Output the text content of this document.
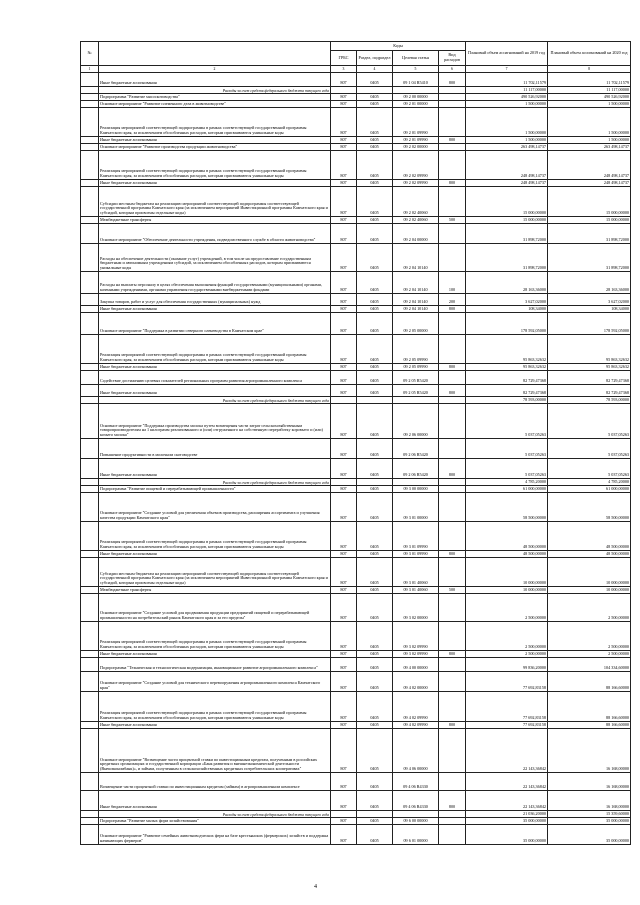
№		Коды				Плановый объем ассигнований на 2019 год	Плановый объем ассигнований на 2020 год
		ГРБС	Раздел, подраздел	Целевая статья	Вид расходов		
1	2	3	4	5	6	7	8
	Иные бюджетные ассигнования	807	0405	09 1 04 R5410	800	11 702,11579	11 702,11579
	Расходы за счет средств федерального бюджета текущего года					11 117,00000	11 117,00000
	Подпрограмма "Развитие мясоскотоводства"	807	0405	09 2 00 00000		490 526,92000	490 526,92000
	Основное мероприятие "Развитие племенного дела в животноводстве"	807	0405	09 2 01 00000		1 500,00000	1 500,00000
	Реализация мероприятий соответствующей подпрограммы в рамках соответствующей государственной программы Камчатского края, за исключением обособленных расходов, которым присваиваются уникальные коды	807	0405	09 2 01 09990		1 500,00000	1 500,00000
	Иные бюджетные ассигнования	807	0405	09 2 01 09990	800	1 500,00000	1 500,00000
	Основное мероприятие "Развитие производства продукции животноводства"	807	0405	09 2 02 00000		263 498,14737	263 498,14737
	Реализация мероприятий соответствующей подпрограммы в рамках соответствующей государственной программы Камчатского края, за исключением обособленных расходов, которым присваиваются уникальные коды	807	0405	09 2 02 09990		248 498,14737	248 498,14737
	Иные бюджетные ассигнования	807	0405	09 2 02 09990	800	248 498,14737	248 498,14737
	Субсидии местным бюджетам на реализацию мероприятий соответствующей подпрограммы соответствующей государственной программы Камчатского края (за исключением мероприятий Инвестиционной программы Камчатского края и субсидий, которым присвоены отдельные коды)	807	0405	09 2 02 40060		15 000,00000	15 000,00000
	Межбюджетные трансферты	807	0405	09 2 02 40060	500	15 000,00000	15 000,00000
	Основное мероприятие "Обеспечение деятельности учреждения, подведомственного службе в области животноводства"	807	0405	09 2 04 00000		31 898,72000	31 898,72000
	Расходы на обеспечение деятельности (оказание услуг) учреждений, в том числе на предоставление государственным бюджетным и автономным учреждениям субсидий, за исключением обособленных расходов, которым присваиваются уникальные коды	807	0405	09 2 04 10140		31 898,72000	31 898,72000
	Расходы на выплаты персоналу в целях обеспечения выполнения функций государственными (муниципальными) органами, казенными учреждениями, органами управления государственными внебюджетными фондами	807	0405	09 2 04 10140	100	28 163,36000	28 163,36000
	Закупка товаров, работ и услуг для обеспечения государственных (муниципальных) нужд	807	0405	09 2 04 10140	200	3 627,02000	3 627,02000
	Иные бюджетные ассигнования	807	0405	09 2 04 10140	800	108,34000	108,34000
	Основное мероприятие "Поддержка в развитии северного оленеводства в Камчатском крае"	807	0405	09 2 05 00000		178 592,05000	178 592,05000
	Реализация мероприятий соответствующей подпрограммы в рамках соответствующей государственной программы Камчатского края, за исключением обособленных расходов, которым присваиваются уникальные коды	807	0405	09 2 05 09990		95 863,32632	95 863,32632
	Иные бюджетные ассигнования	807	0405	09 2 05 09990	800	95 863,32632	95 863,32632
	Содействие достижению целевых показателей региональных программ развития агропромышленного комплекса	807	0405	09 2 05 R5420		82 729,47368	82 729,47368
	Иные бюджетные ассигнования	807	0405	09 2 05 R5420	800	82 729,47368	82 729,47368
	Расходы за счет средств федерального бюджета текущего года					78 593,00000	78 593,00000
	Основное мероприятие "Поддержка производства молока путем возмещения части затрат сельскохозяйственным товаропроизводителям на 1 килограмм реализованного и (или) отгруженного на собственную переработку коровьего и (или) козьего молока"	807	0405	09 2 06 00000		5 037,05263	5 037,05263
	Повышение продуктивности в молочном скотоводстве	807	0405	09 2 06 R5420		5 037,05263	5 037,05263
	Иные бюджетные ассигнования	807	0405	09 2 06 R5420	800	5 037,05263	5 037,05263
	Расходы за счет средств федерального бюджета текущего года					4 785,20000	4 785,20000
	Подпрограмма "Развитие пищевой и перерабатывающей промышленности"	807	0405	09 3 00 00000		61 000,00000	61 000,00000
	Основное мероприятие "Создание условий для увеличения объемов производства, расширения ассортимента и улучшения качества продукции Камчатского края"	807	0405	09 3 01 00000		58 500,00000	58 500,00000
	Реализация мероприятий соответствующей подпрограммы в рамках соответствующей государственной программы Камчатского края, за исключением обособленных расходов, которым присваиваются уникальные коды	807	0405	09 3 01 09990		48 500,00000	48 500,00000
	Иные бюджетные ассигнования	807	0405	09 3 01 09990	800	48 500,00000	48 500,00000
	Субсидии местным бюджетам на реализацию мероприятий соответствующей подпрограммы соответствующей государственной программы Камчатского края (за исключением мероприятий Инвестиционной программы Камчатского края и субсидий, которым присвоены отдельные коды)	807	0405	09 3 01 40060		10 000,00000	10 000,00000
	Межбюджетные трансферты	807	0405	09 3 01 40060	500	10 000,00000	10 000,00000
	Основное мероприятие "Создание условий для продвижения продукции предприятий пищевой и перерабатывающей промышленности на потребительский рынок Камчатского края и за его пределы"	807	0405	09 3 02 00000		2 500,00000	2 500,00000
	Реализация мероприятий соответствующей подпрограммы в рамках соответствующей государственной программы Камчатского края, за исключением обособленных расходов, которым присваиваются уникальные коды	807	0405	09 3 02 09990		2 500,00000	2 500,00000
	Иные бюджетные ассигнования	807	0405	09 3 02 09990	800	2 500,00000	2 500,00000
	Подпрограмма "Техническая и технологическая модернизация, инновационное развитие агропромышленного комплекса"	807	0405	09 4 00 00000		99 836,20000	104 334,60000
	Основное мероприятие "Создание условий для технического перевооружения агропромышленного комплекса Камчатского края"	807	0405	09 4 02 00000		77 692,83158	88 166,60000
	Реализация мероприятий соответствующей подпрограммы в рамках соответствующей государственной программы Камчатского края, за исключением обособленных расходов, которым присваиваются уникальные коды	807	0405	09 4 02 09990		77 692,83158	88 166,60000
	Иные бюджетные ассигнования	807	0405	09 4 02 09990	800	77 692,83158	88 166,60000
	Основное мероприятие "Возмещение части процентной ставки по инвестиционным кредитам, полученным в российских кредитных организациях и государственной корпорации «Банк развития и внешнеэкономической деятельности (Внешэкономбанк)», и займам, полученным в сельскохозяйственных кредитных потребительских кооперативах"	807	0405	09 4 06 00000		22 143,36842	16 168,00000
	Возмещение части процентной ставки по инвестиционным кредитам (займам) в агропромышленном комплексе	807	0405	09 4 06 R4330		22 143,36842	16 168,00000
	Иные бюджетные ассигнования	807	0405	09 4 06 R4330	800	22 143,36842	16 168,00000
	Расходы за счет средств федерального бюджета текущего года					21 036,20000	15 359,60000
	Подпрограмма "Развитие малых форм хозяйствования"	807	0405	09 6 00 00000		35 000,00000	35 000,00000
	Основное мероприятие "Развитие семейных животноводческих ферм на базе крестьянских (фермерских) хозяйств и поддержка начинающих фермеров"	807	0405	09 6 01 00000		35 000,00000	35 000,00000
4
